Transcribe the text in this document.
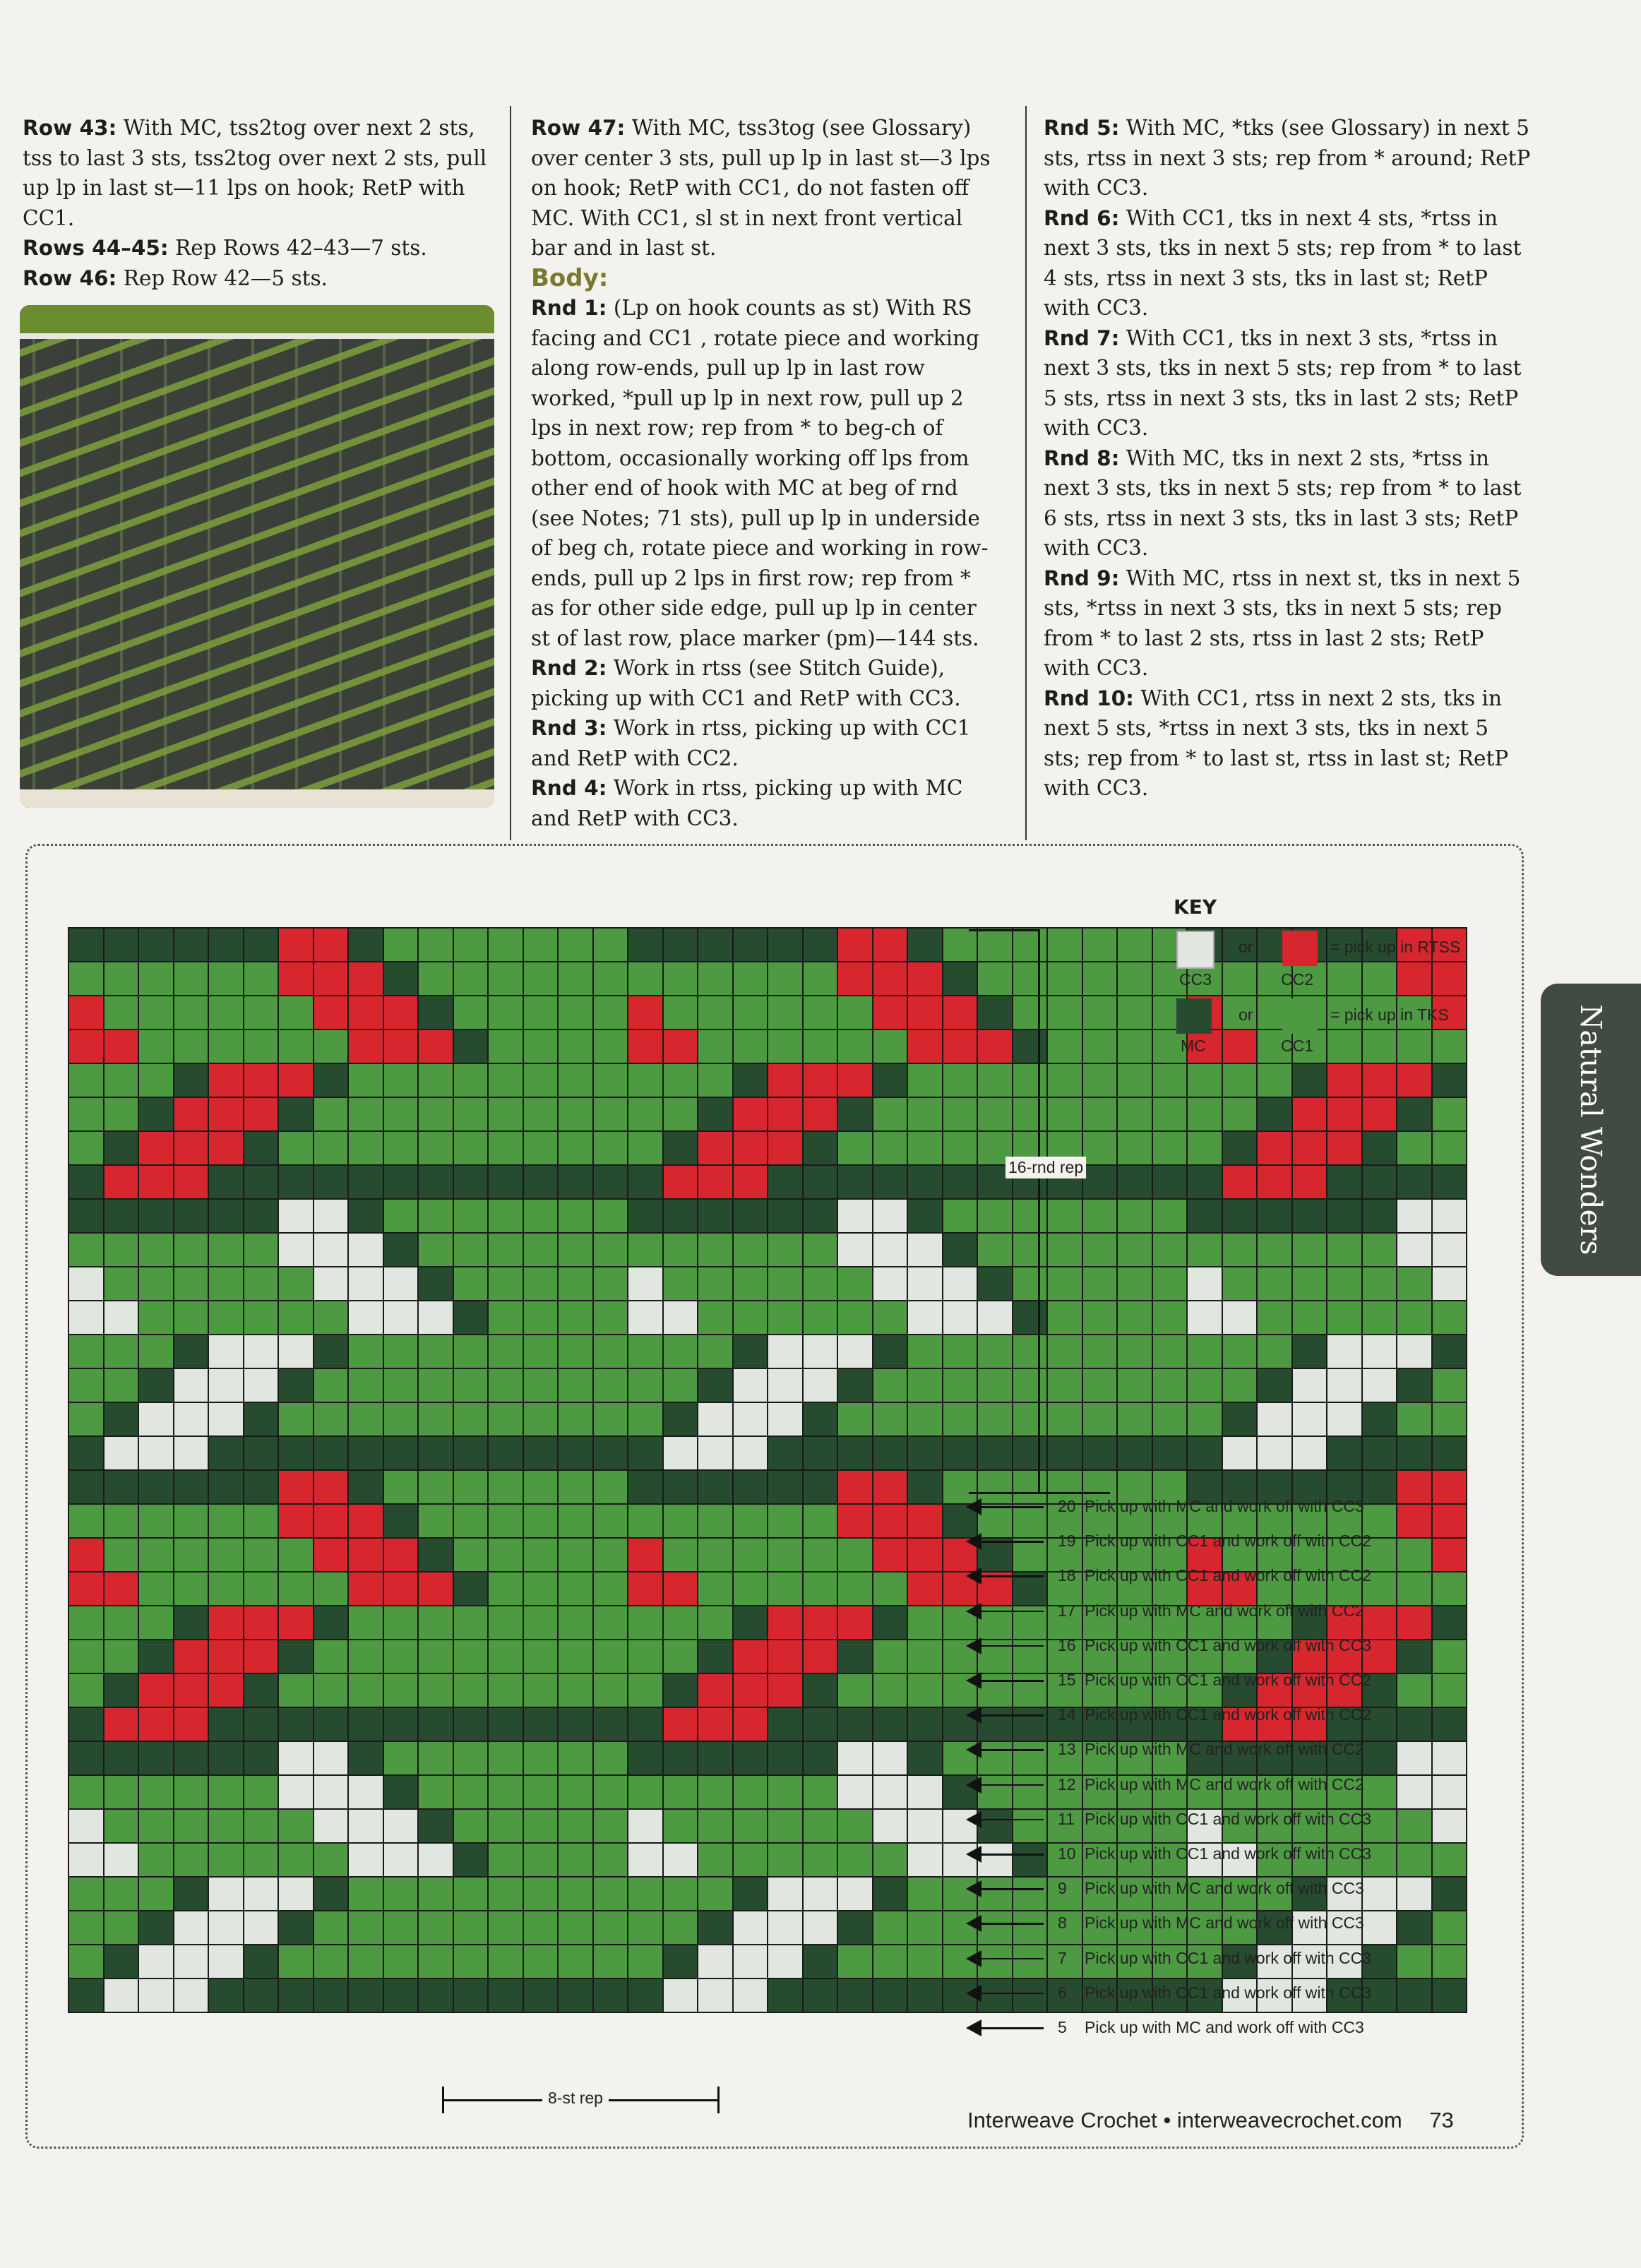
Row 43: With MC, tss2tog over next 2 sts, tss to last 3 sts, tss2tog over next 2 sts, pull up lp in last st—11 lps on hook; RetP with CC1.

Rows 44–45: Rep Rows 42–43—7 sts.

Row 46: Rep Row 42—5 sts.

Row 47: With MC, tss3tog (see Glossary) over center 3 sts, pull up lp in last st—3 lps on hook; RetP with CC1, do not fasten off MC. With CC1, sl st in next front vertical bar and in last st.

Body:

Rnd 1: (Lp on hook counts as st) With RS facing and CC1 , rotate piece and working along row-ends, pull up lp in last row worked, *pull up lp in next row, pull up 2 lps in next row; rep from * to beg-ch of bottom, occasionally working off lps from other end of hook with MC at beg of rnd (see Notes; 71 sts), pull up lp in underside of beg ch, rotate piece and working in row-ends, pull up 2 lps in first row; rep from * as for other side edge, pull up lp in center st of last row, place marker (pm)—144 sts.

Rnd 2: Work in rtss (see Stitch Guide), picking up with CC1 and RetP with CC3.

Rnd 3: Work in rtss, picking up with CC1 and RetP with CC2.

Rnd 4: Work in rtss, picking up with MC and RetP with CC3.

Rnd 5: With MC, *tks (see Glossary) in next 5 sts, rtss in next 3 sts; rep from * around; RetP with CC3.

Rnd 6: With CC1, tks in next 4 sts, *rtss in next 3 sts, tks in next 5 sts; rep from * to last 4 sts, rtss in next 3 sts, tks in last st; RetP with CC3.

Rnd 7: With CC1, tks in next 3 sts, *rtss in next 3 sts, tks in next 5 sts; rep from * to last 5 sts, rtss in next 3 sts, tks in last 2 sts; RetP with CC3.

Rnd 8: With MC, tks in next 2 sts, *rtss in next 3 sts, tks in next 5 sts; rep from * to last 6 sts, rtss in next 3 sts, tks in last 3 sts; RetP with CC3.

Rnd 9: With MC, rtss in next st, tks in next 5 sts, *rtss in next 3 sts, tks in next 5 sts; rep from * to last 2 sts, rtss in last 2 sts; RetP with CC3.

Rnd 10: With CC1, rtss in next 2 sts, tks in next 5 sts, *rtss in next 3 sts, tks in next 5 sts; rep from * to last st, rtss in last st; RetP with CC3.

16-rnd rep
8-st rep
KEY
or	= pick up in RTSS
CC3	CC2
or	= pick up in TKS
MC	CC1
20 Pick up with MC and work off with CC3
19 Pick up with CC1 and work off with CC2
18 Pick up with CC1 and work off with CC2
17 Pick up with MC and work off with CC2
16 Pick up with CC1 and work off with CC3
15 Pick up with CC1 and work off with CC2
14 Pick up with CC1 and work off with CC2
13 Pick up with MC and work off with CC2
12 Pick up with MC and work off with CC2
11 Pick up with CC1 and work off with CC3
10 Pick up with CC1 and work off with CC3
9 Pick up with MC and work off with CC3
8 Pick up with MC and work off with CC3
7 Pick up with CC1 and work off with CC3
6 Pick up with CC1 and work off with CC3
5 Pick up with MC and work off with CC3
Natural Wonders
Interweave Crochet • interweavecrochet.com 73
